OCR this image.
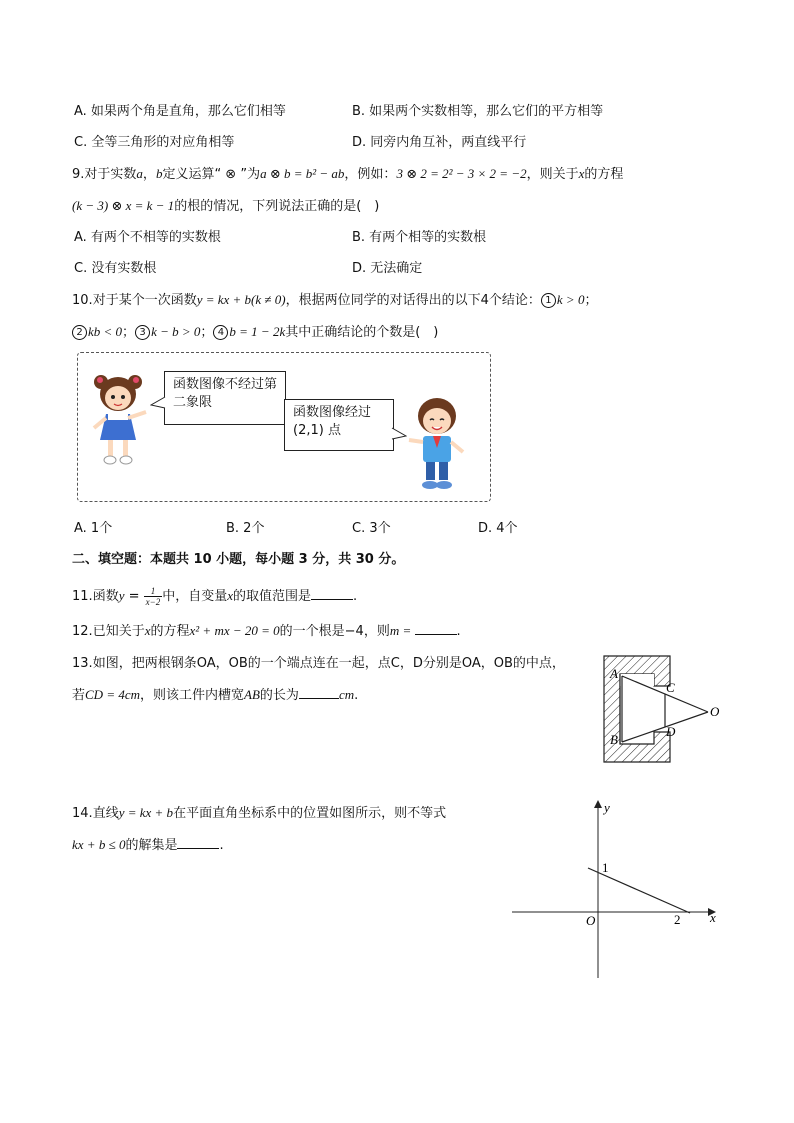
A. 如果两个角是直角，那么它们相等	B. 如果两个实数相等，那么它们的平方相等
C. 全等三角形的对应角相等	D. 同旁内角互补，两直线平行
9.对于实数a，b定义运算“ ⊗ ”为a ⊗ b = b² − ab，例如：3 ⊗ 2 = 2² − 3 × 2 = −2，则关于x的方程
(k − 3) ⊗ x = k − 1的根的情况，下列说法正确的是(　)
A. 有两个不相等的实数根	B. 有两个相等的实数根
C. 没有实数根	D. 无法确定
10.对于某个一次函数y = kx + b(k ≠ 0)，根据两位同学的对话得出的以下4个结论： 1 k > 0；
2 kb < 0； 3 k − b > 0； 4 b = 1 − 2k其中正确结论的个数是(　)
函数图像不经过第二象限
函数图像经过 (2,1) 点
A. 1个	B. 2个	C. 3个	D. 4个
二、填空题：本题共 10 小题，每小题 3 分，共 30 分。
11.函数$y = \frac{1}{x-2}$ 中，自变量x的取值范围是	.
12.已知关于x的方程x² + mx − 20 = 0的一个根是−4，则m =	.
13.如图，把两根钢条OA，OB的一个端点连在一起，点C，D分别是OA，OB的中点，
若CD = 4cm，则该工件内槽宽AB的长为	cm.
A
B
C
D
O
14.直线y = kx + b在平面直角坐标系中的位置如图所示，则不等式
kx + b ≤ 0的解集是	.
y
x
O
1
2
